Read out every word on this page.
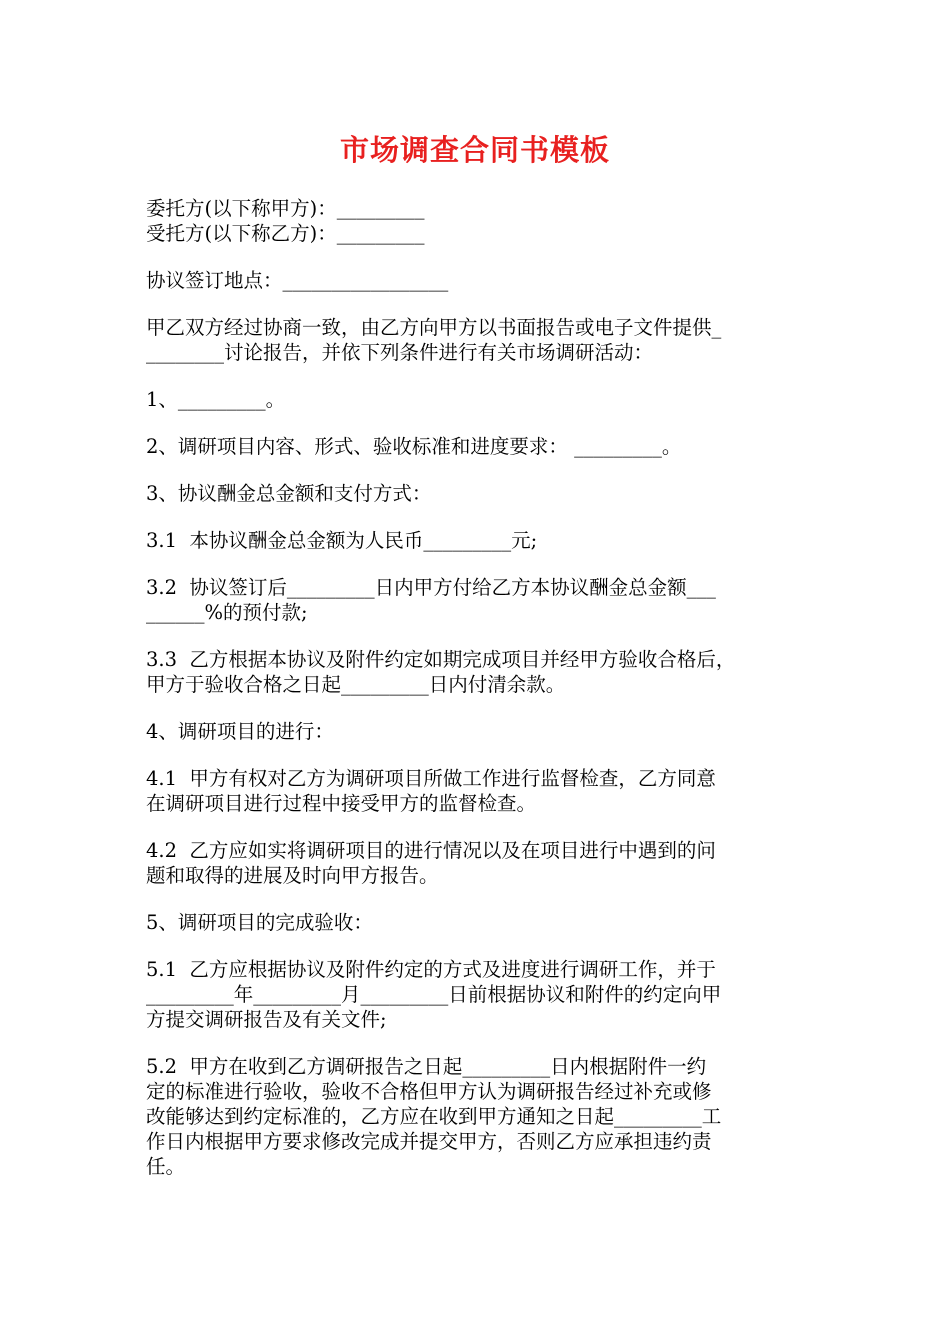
市场调查合同书模板

委托方(以下称甲方)：_________

受托方(以下称乙方)：_________

协议签订地点：_________________

甲乙双方经过协商一致，由乙方向甲方以书面报告或电子文件提供_

________讨论报告，并依下列条件进行有关市场调研活动：

1、_________。

2、调研项目内容、形式、验收标准和进度要求： _________。

3、协议酬金总金额和支付方式：

3.1  本协议酬金总金额为人民币_________元;

3.2  协议签订后_________日内甲方付给乙方本协议酬金总金额___

______%的预付款;

3.3  乙方根据本协议及附件约定如期完成项目并经甲方验收合格后，

甲方于验收合格之日起_________日内付清余款。

4、调研项目的进行：

4.1  甲方有权对乙方为调研项目所做工作进行监督检查，乙方同意

在调研项目进行过程中接受甲方的监督检查。

4.2  乙方应如实将调研项目的进行情况以及在项目进行中遇到的问

题和取得的进展及时向甲方报告。

5、调研项目的完成验收：

5.1  乙方应根据协议及附件约定的方式及进度进行调研工作，并于

_________年_________月_________日前根据协议和附件的约定向甲

方提交调研报告及有关文件;

5.2  甲方在收到乙方调研报告之日起_________日内根据附件一约

定的标准进行验收，验收不合格但甲方认为调研报告经过补充或修

改能够达到约定标准的，乙方应在收到甲方通知之日起_________工

作日内根据甲方要求修改完成并提交甲方，否则乙方应承担违约责

任。
